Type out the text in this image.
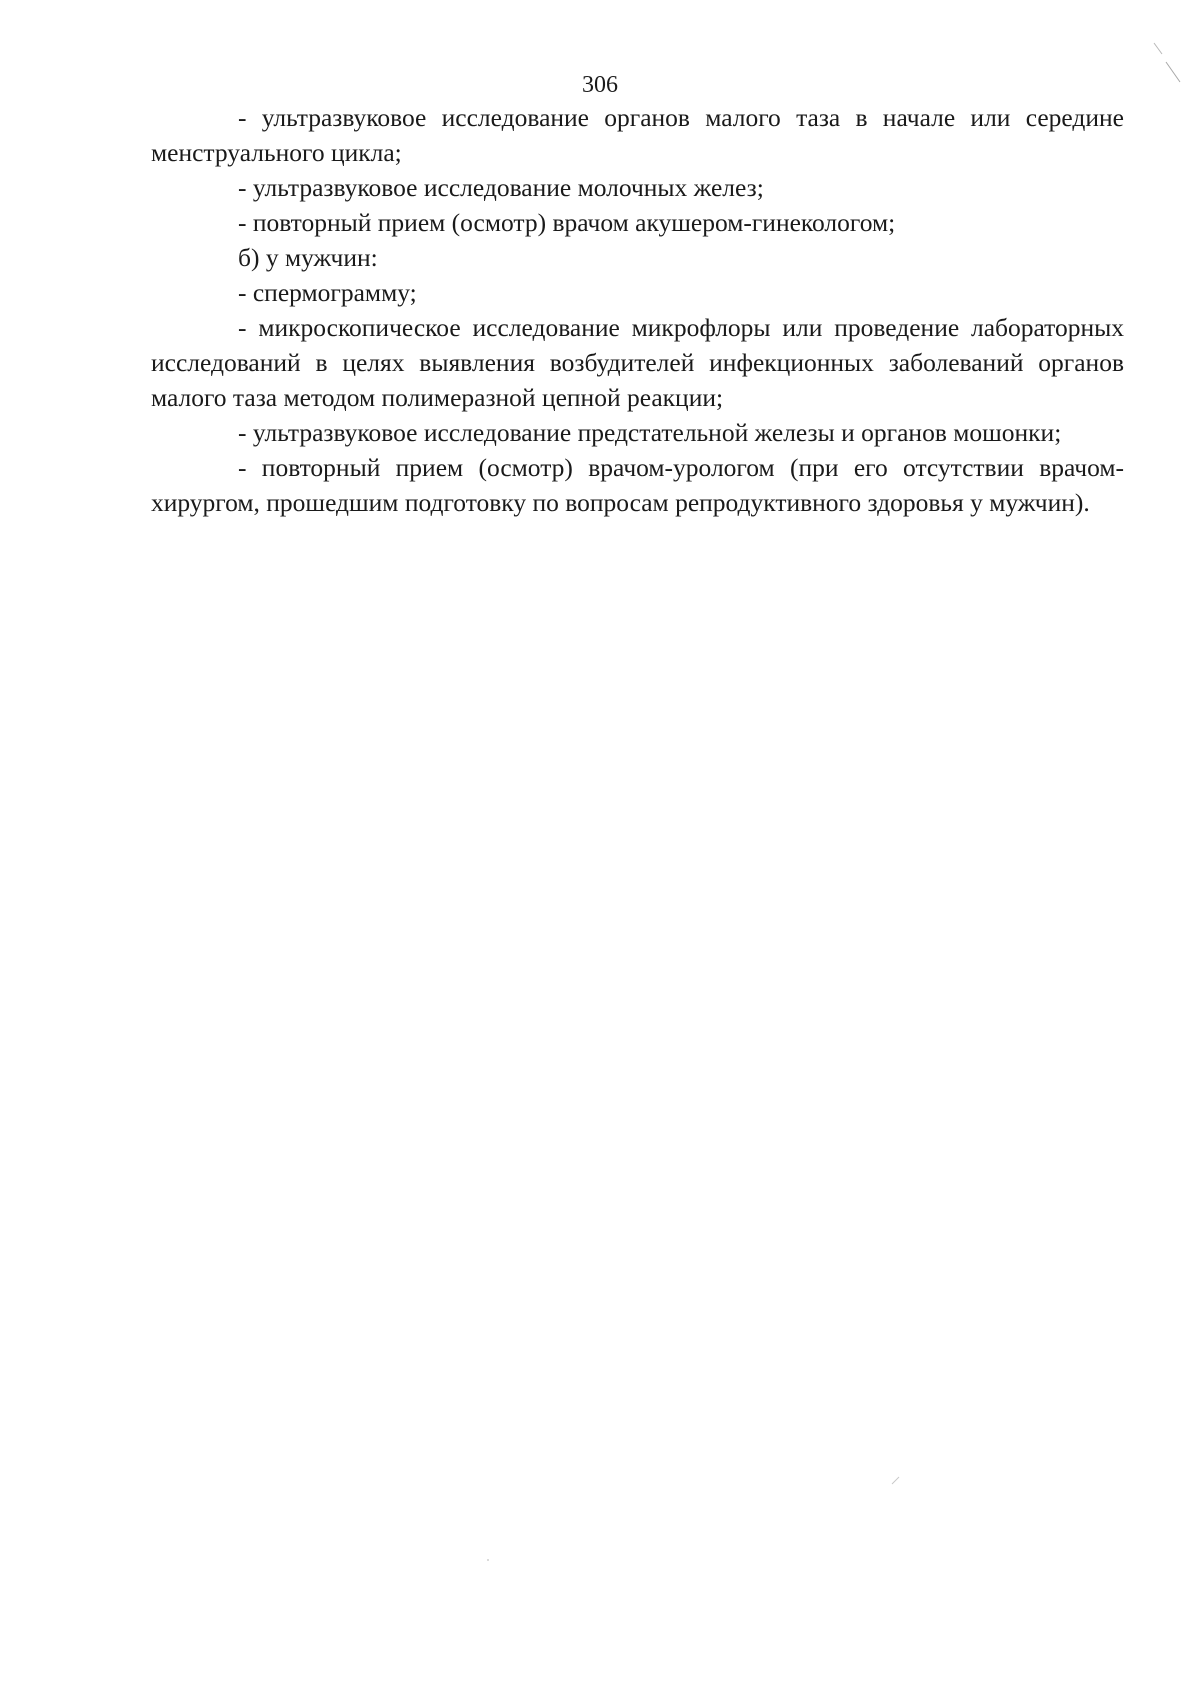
306

- ультразвуковое исследование органов малого таза в начале или середине менструального цикла;

- ультразвуковое исследование молочных желез;

- повторный прием (осмотр) врачом акушером-гинекологом;

б) у мужчин:

- спермограмму;

- микроскопическое исследование микрофлоры или проведение лабораторных исследований в целях выявления возбудителей инфекционных заболеваний органов малого таза методом полимеразной цепной реакции;

- ультразвуковое исследование предстательной железы и органов мошонки;

- повторный прием (осмотр) врачом-урологом (при его отсутствии врачом-хирургом, прошедшим подготовку по вопросам репродуктивного здоровья у мужчин).
